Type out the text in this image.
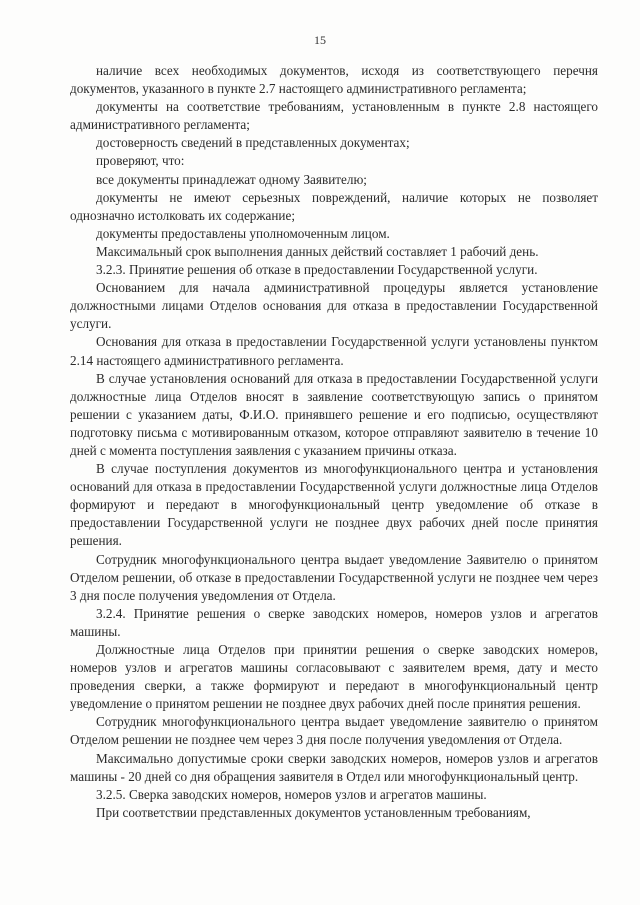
15

наличие всех необходимых документов, исходя из соответствующего перечня документов, указанного в пункте 2.7 настоящего административного регламента;

документы на соответствие требованиям, установленным в пункте 2.8 настоящего административного регламента;

достоверность сведений в представленных документах;

проверяют, что:

все документы принадлежат одному Заявителю;

документы не имеют серьезных повреждений, наличие которых не позволяет однозначно истолковать их содержание;

документы предоставлены уполномоченным лицом.

Максимальный срок выполнения данных действий составляет 1 рабочий день.

3.2.3. Принятие решения об отказе в предоставлении Государственной услуги.

Основанием для начала административной процедуры является установление должностными лицами Отделов основания для отказа в предоставлении Государственной услуги.

Основания для отказа в предоставлении Государственной услуги установлены пунктом 2.14 настоящего административного регламента.

В случае установления оснований для отказа в предоставлении Государственной услуги должностные лица Отделов вносят в заявление соответствующую запись о принятом решении с указанием даты, Ф.И.О. принявшего решение и его подписью, осуществляют подготовку письма с мотивированным отказом, которое отправляют заявителю в течение 10 дней с момента поступления заявления с указанием причины отказа.

В случае поступления документов из многофункционального центра и установления оснований для отказа в предоставлении Государственной услуги должностные лица Отделов формируют и передают в многофункциональный центр уведомление об отказе в предоставлении Государственной услуги не позднее двух рабочих дней после принятия решения.

Сотрудник многофункционального центра выдает уведомление Заявителю о принятом Отделом решении, об отказе в предоставлении Государственной услуги не позднее чем через 3 дня после получения уведомления от Отдела.

3.2.4. Принятие решения о сверке заводских номеров, номеров узлов и агрегатов машины.

Должностные лица Отделов при принятии решения о сверке заводских номеров, номеров узлов и агрегатов машины согласовывают с заявителем время, дату и место проведения сверки, а также формируют и передают в многофункциональный центр уведомление о принятом решении не позднее двух рабочих дней после принятия решения.

Сотрудник многофункционального центра выдает уведомление заявителю о принятом Отделом решении не позднее чем через 3 дня после получения уведомления от Отдела.

Максимально допустимые сроки сверки заводских номеров, номеров узлов и агрегатов машины - 20 дней со дня обращения заявителя в Отдел или многофункциональный центр.

3.2.5. Сверка заводских номеров, номеров узлов и агрегатов машины.

При соответствии представленных документов установленным требованиям,
